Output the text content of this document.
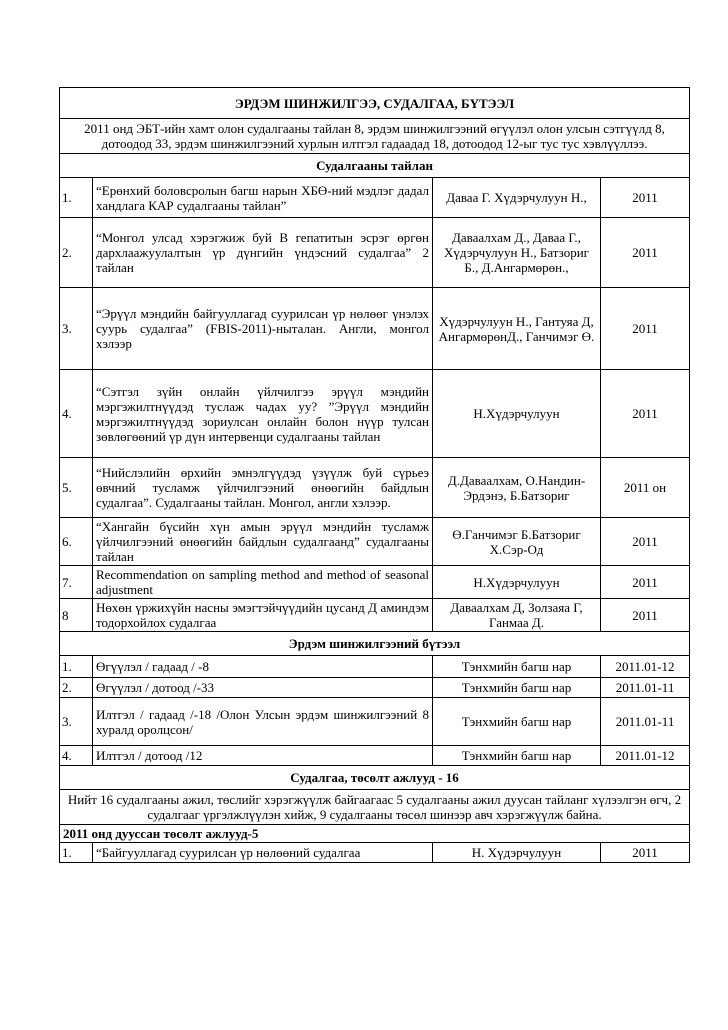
ЭРДЭМ ШИНЖИЛГЭЭ, СУДАЛГАА, БҮТЭЭЛ			
2011 онд ЭБТ-ийн хамт олон судалгааны тайлан 8, эрдэм шинжилгээний өгүүлэл олон улсын сэтгүүлд 8, дотоодод 33, эрдэм шинжилгээний хурлын илтгэл гадаадад 18, дотоодод 12-ыг тус тус хэвлүүллээ.			
Судалгааны тайлан			
1.	“Ерөнхий боловсролын багш нарын ХБӨ-ний мэдлэг дадал хандлага КАР судалгааны тайлан”	Даваа Г. Хүдэрчулуун Н.,	2011
2.	“Монгол улсад хэрэгжиж буй В гепатитын эсрэг өргөн дархлаажуулалтын үр дүнгийн үндэсний судалгаа” 2 тайлан	Даваалхам Д., Даваа Г., Хүдэрчулуун Н., Батзориг Б., Д.Ангармөрөн.,	2011
3.	“Эрүүл мэндийн байгууллагад суурилсан үр нөлөөг үнэлэх суурь судалгаа” (FBIS-2011)-ныталан. Англи, монгол хэлээр	Хүдэрчулуун Н., Гантуяа Д, АнгармөрөнД., Ганчимэг Ө.	2011
4.	“Сэтгэл зүйн онлайн үйлчилгээ эрүүл мэндийн мэргэжилтнүүдэд туслаж чадах уу? ”Эрүүл мэндийн мэргэжилтнүүдэд зориулсан онлайн болон нүүр тулсан зөвлөгөөний үр дүн интервенци судалгааны тайлан	Н.Хүдэрчулуун	2011
5.	“Нийслэлийн өрхийн эмнэлгүүдэд үзүүлж буй сүрьеэ өвчний тусламж үйлчилгээний өнөөгийн байдлын судалгаа”. Судалгааны тайлан. Монгол, англи хэлээр.	Д.Даваалхам, О.Нандин-Эрдэнэ, Б.Батзориг	2011 он
6.	“Хангайн бүсийн хүн амын эрүүл мэндийн тусламж үйлчилгээний өнөөгийн байдлын судалгаанд” судалгааны тайлан	Ө.Ганчимэг Б.Батзориг Х.Сэр-Од	2011
7.	Recommendation on sampling method and method of seasonal adjustment	Н.Хүдэрчулуун	2011
8	Нөхөн үржихүйн насны эмэгтэйчүүдийн цусанд Д аминдэм тодорхойлох судалгаа	Даваалхам Д, Золзаяа Г, Ганмаа Д.	2011
Эрдэм шинжилгээний бүтээл			
1.	Өгүүлэл / гадаад / -8	Тэнхмийн багш нар	2011.01-12
2.	Өгүүлэл / дотоод /-33	Тэнхмийн багш нар	2011.01-11
3.	Илтгэл / гадаад /-18 /Олон Улсын эрдэм шинжилгээний 8 хуралд оролцсон/	Тэнхмийн багш нар	2011.01-11
4.	Илтгэл / дотоод /12	Тэнхмийн багш нар	2011.01-12
Судалгаа, төсөлт ажлууд - 16			
Нийт 16 судалгааны ажил, төслийг хэрэгжүүлж байгаагаас 5 судалгааны ажил дуусан тайланг хүлээлгэн өгч, 2 судалгааг үргэлжлүүлэн хийж, 9 судалгааны төсөл шинээр авч хэрэгжүүлж байна.			
2011 онд дууссан төсөлт ажлууд-5			
1.	“Байгууллагад суурилсан үр нөлөөний судалгаа	Н. Хүдэрчулуун	2011
